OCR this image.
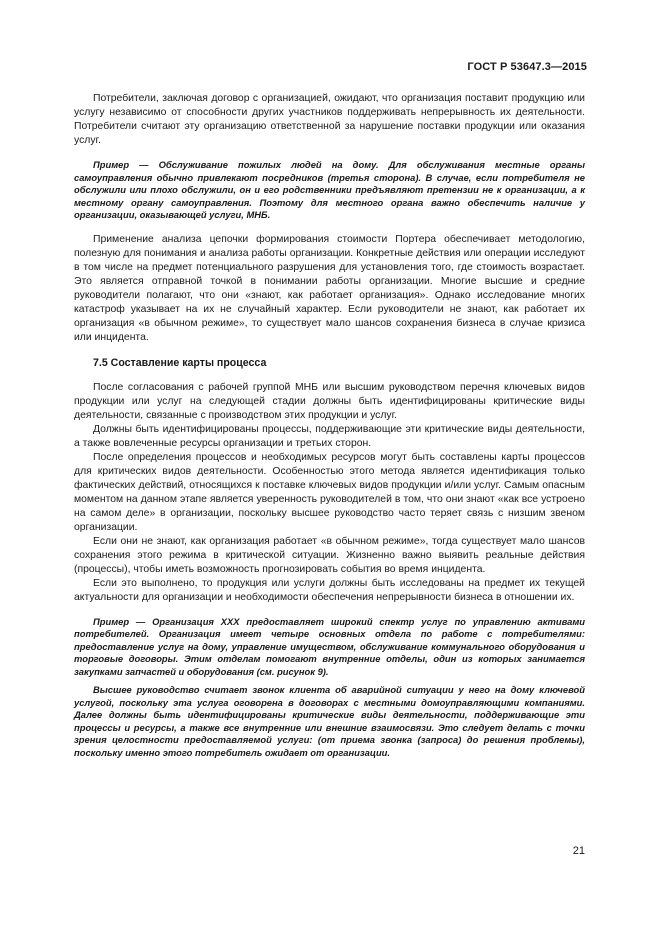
ГОСТ Р 53647.3—2015

Потребители, заключая договор с организацией, ожидают, что организация поставит продукцию или услугу независимо от способности других участников поддерживать непрерывность их деятельности. Потребители считают эту организацию ответственной за нарушение поставки продукции или оказания услуг.

Пример — Обслуживание пожилых людей на дому. Для обслуживания местные органы самоуправления обычно привлекают посредников (третья сторона). В случае, если потребителя не обслужили или плохо обслужили, он и его родственники предъявляют претензии не к организации, а к местному органу самоуправления. Поэтому для местного органа важно обеспечить наличие у организации, оказывающей услуги, МНБ.

Применение анализа цепочки формирования стоимости Портера обеспечивает методологию, полезную для понимания и анализа работы организации. Конкретные действия или операции исследуют в том числе на предмет потенциального разрушения для установления того, где стоимость возрастает. Это является отправной точкой в понимании работы организации. Многие высшие и средние руководители полагают, что они «знают, как работает организация». Однако исследование многих катастроф указывает на их не случайный характер. Если руководители не знают, как работает их организация «в обычном режиме», то существует мало шансов сохранения бизнеса в случае кризиса или инцидента.

7.5 Составление карты процесса

После согласования с рабочей группой МНБ или высшим руководством перечня ключевых видов продукции или услуг на следующей стадии должны быть идентифицированы критические виды деятельности, связанные с производством этих продукции и услуг.

Должны быть идентифицированы процессы, поддерживающие эти критические виды деятельности, а также вовлеченные ресурсы организации и третьих сторон.

После определения процессов и необходимых ресурсов могут быть составлены карты процессов для критических видов деятельности. Особенностью этого метода является идентификация только фактических действий, относящихся к поставке ключевых видов продукции и/или услуг. Самым опасным моментом на данном этапе является уверенность руководителей в том, что они знают «как все устроено на самом деле» в организации, поскольку высшее руководство часто теряет связь с низшим звеном организации.

Если они не знают, как организация работает «в обычном режиме», тогда существует мало шансов сохранения этого режима в критической ситуации. Жизненно важно выявить реальные действия (процессы), чтобы иметь возможность прогнозировать события во время инцидента.

Если это выполнено, то продукция или услуги должны быть исследованы на предмет их текущей актуальности для организации и необходимости обеспечения непрерывности бизнеса в отношении их.

Пример — Организация XXX предоставляет широкий спектр услуг по управлению активами потребителей. Организация имеет четыре основных отдела по работе с потребителями: предоставление услуг на дому, управление имуществом, обслуживание коммунального оборудования и торговые договоры. Этим отделам помогают внутренние отделы, один из которых занимается закупками запчастей и оборудования (см. рисунок 9).

Высшее руководство считает звонок клиента об аварийной ситуации у него на дому ключевой услугой, поскольку эта услуга оговорена в договорах с местными домоуправляющими компаниями. Далее должны быть идентифицированы критические виды деятельности, поддерживающие эти процессы и ресурсы, а также все внутренние или внешние взаимосвязи. Это следует делать с точки зрения целостности предоставляемой услуги: (от приема звонка (запроса) до решения проблемы), поскольку именно этого потребитель ожидает от организации.

21
